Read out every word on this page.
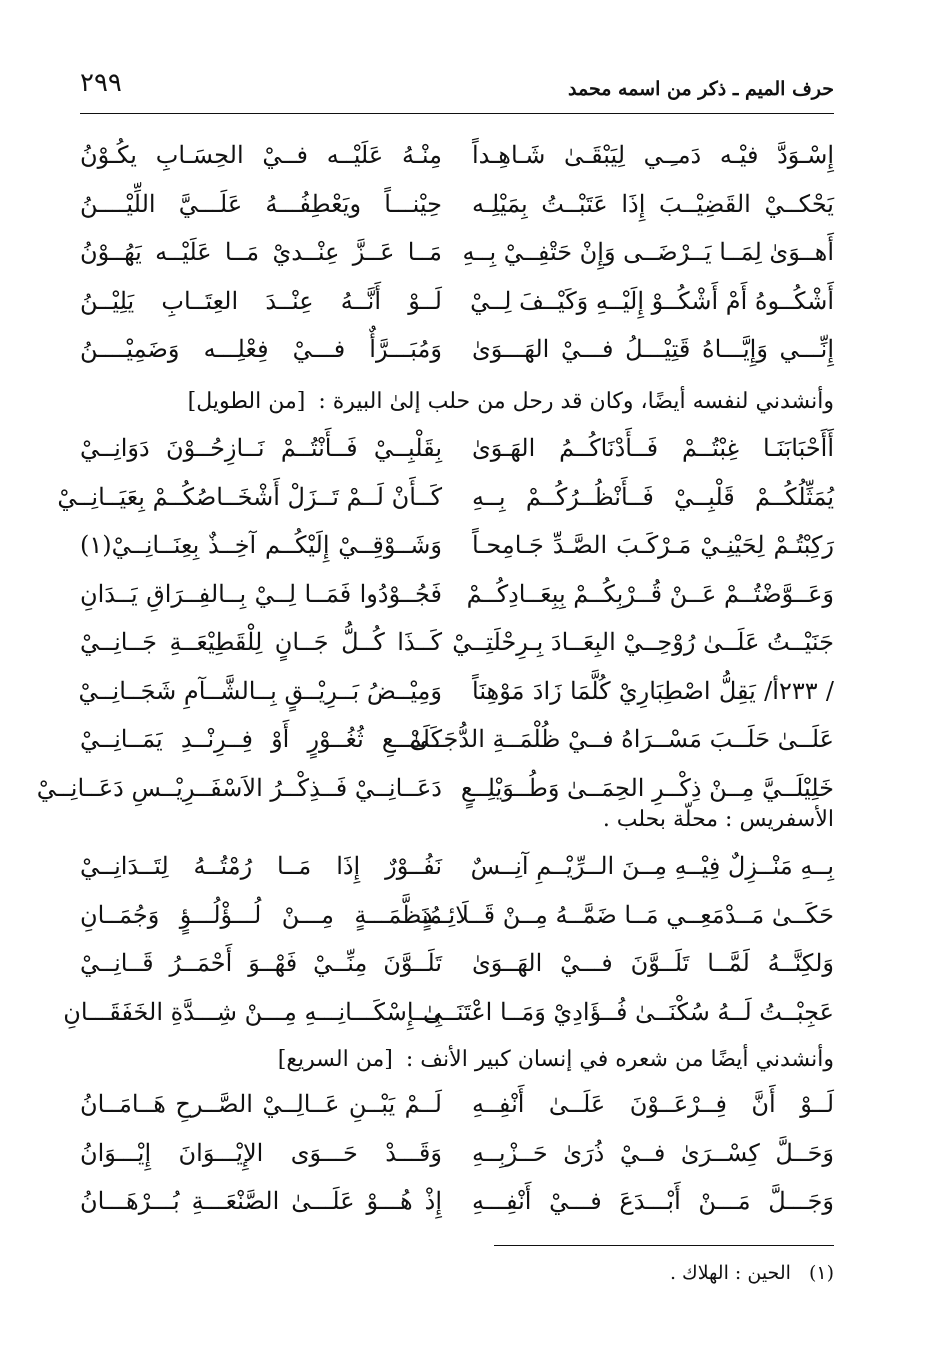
٢٩٩	حرف الميم ـ ذكر من اسمه محمد
إِسْـوَدَّ فيْـه دَمـِـي لِيَبْقَـىٰ شَـاهِـداً
مِنْـهُ عَلَيْــه فــيْ الحِسَـابِ يكُـوْنُ
يَحْكــيْ القَضِيْــبَ إِذَا عَتَبْــتُ بِمَيْلِـه
حِيْنـــاً ويَعْطِفُـــهُ عَلَـــيَّ اللِّيْــــنُ
أَهــوَىٰ لِمَــا يَــرْضَــى وَإِنْ حَتْفِــيْ بِــهِ
مَــا عَــزَّ عِنْــديْ مَــا عَلَيْــه يَهُــوْنُ
أَشْكُــوهُ أَمْ أَشْكُــوْ إِلَيْــهِ وَكَيْــفَ لِــيْ
لَــوْ أَنَّــهُ عِنْــدَ العِتَــابِ يَلِيْــنُ
إِنِّـــي وَإِيَّـــاهُ قَتِيْـــلُ فـــيْ الهَـــوَىٰ
وَمُبَـــرَّأٌ فـــيْ فِعْلِـــه وَضَمِيْــــنُ
وأنشدني لنفسه أيضًا، وكان قد رحل من حلب إلىٰ البيرة : [من الطويل]
أَأَحْبَابَنَـا غِبْتُــمْ فَــأَدْنَاكُــمُ الهَـوَىٰ
بِقَلْبِــيْ فَــأَنْتُــمْ نَــازِحُــوْنَ دَوَانِــيْ
يُمَثِّلُكُــمْ قَلْبِــيْ فَــأَنْظُــرُكُــمْ بِــهِ
كَــأَنْ لَــمْ تَــزَلْ أَشْخَــاصُكُــمْ بِعَيَــانِــيْ
رَكِبْتُـمْ لِحَيْنِـيْ مَـرْكَـبَ الصَّـدِّ جَـامِحـاً
وَشَــوْقِــيْ إِلَيْكُــم آخِــذٌ بِعِنَــانِــيْ(١)
وَعَــوَّضْتُــمْ عَــنْ قُــرْبِكُــمْ بِبِعَــادِكُــمْ
فَجُــوْدُوا فَمَــا لِــيْ بِــالفِــرَاقِ يَــدَانِ
جَنَيْــتُ عَلَــىٰ رُوْحِــيْ البِعَــادَ بِـرِحْلَتِــيْ
كَــذَا كُــلُّ جَــانٍ لِلْقَطِيْعَــةِ جَــانِــيْ
/ ٢٣٣أ/ يَقِلُّ اصْطِبَارِيْ كُلَّمَا زَادَ مَوْهِنَاً
وَمِيْــضُ بَــرِيْــقٍ بِــالشَّــآمِ شَجَــانِــيْ
عَلَــىٰ حَلَــبَ مَسْــرَاهُ فــيْ ظُلْمَــةِ الدُّجَــىٰ
كَلَمْــعِ ثُغُــوْرٍ أَوْ فِــرِنْــدِ يَمَــانِــيْ
خَلِيْلَــيَّ مِــنْ ذِكْــرِ الحِمَــىٰ وَطُــوَيْلِــعٍ
دَعَــانِــيْ فَــذِكْــرُ الاَسْفَــرِيْــسِ دَعَــانِــيْ
الأسفريس : محلّة بحلب .
بِــهِ مَنْــزِلٌ فِيْــهِ مِــنَ الــرِّيْــمِ آنِــسٌ
نَفُــوْرٌ إِذَا مَــا رُمْتُــهُ لِتَــدَانِــيْ
حَكَــىٰ مَــدْمَعِــي مَــا ضَمَّــهُ مِــنْ قَــلَائِــدٍ
مُنَظَّمَـــةٍ مِـــنْ لُـــؤْلُـــؤٍ وَجُمَــانِ
وَلكِنَّــهُ لَمَّــا تَلَــوَّنَ فـــيْ الهَــوَىٰ
تَلَــوَّنَ مِنِّــيْ فَهْــوَ أَحْمَــرُ قَــانِــيْ
عَجِبْــتُ لَــهُ سُكْنَــىٰ فُــؤَادِيْ وَمَــا اعْتَنَــىٰ
بِـــإِسْكَـــانِـــهِ مِـــنْ شِـــدَّةِ الخَفَقَـــانِ
وأنشدني أيضًا من شعره في إنسان كبير الأنف : [من السريع]
لَــوْ أَنَّ فِــرْعَــوْنَ عَلَــىٰ أَنْفِــهِ
لَــمْ يَبْــنِ عَــالِــيْ الصَّــرحِ هَــامَــانُ
وَحَــلَّ كِسْــرَىٰ فــيْ ذُرَىٰ حَــزْبِــهِ
وَقَـــدْ حَـــوَى الإِيْـــوَانَ إِيْـــوَانُ
وَجَـــلَّ مَـــنْ أَبْـــدَعَ فـــيْ أَنْفِـــهِ
إِذْ هُـــوْ عَلَـــىٰ الصَّنْعَـــةِ بُـــرْهَـــانُ
(١) الحين : الهلاك .
